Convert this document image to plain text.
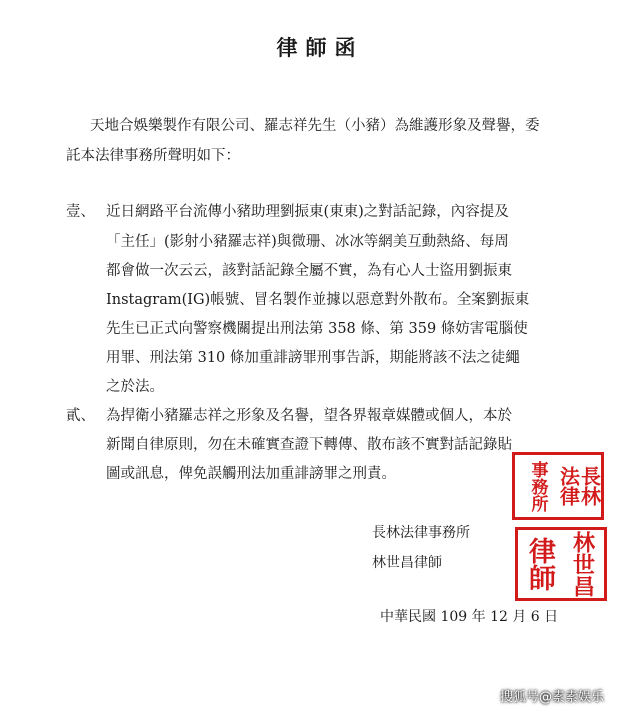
律師函
天地合娛樂製作有限公司、羅志祥先生（小豬）為維護形象及聲譽，委
託本法律事務所聲明如下：
壹、 近日網路平台流傳小豬助理劉振東(東東)之對話記錄，內容提及
「主任」(影射小豬羅志祥)與微珊、冰冰等網美互動熱絡、每周
都會做一次云云，該對話記錄全屬不實，為有心人士盜用劉振東
Instagram(IG)帳號、冒名製作並據以惡意對外散布。全案劉振東
先生已正式向警察機關提出刑法第 358 條、第 359 條妨害電腦使
用罪、刑法第 310 條加重誹謗罪刑事告訴，期能將該不法之徒繩
之於法。
貳、 為捍衛小豬羅志祥之形象及名譽，望各界報章媒體或個人，本於
新聞自律原則，勿在未確實查證下轉傳、散布該不實對話記錄貼
圖或訊息，俾免誤觸刑法加重誹謗罪之刑責。
長林法律事務所
林世昌律師
中華民國 109 年 12 月 6 日
事務所 法律
長林
律師 林世昌
搜狐号@素素娱乐
